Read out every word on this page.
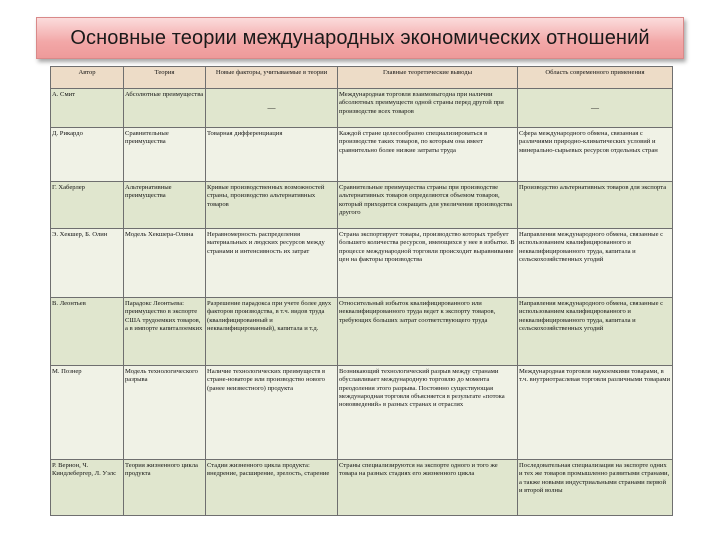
Основные теории международных экономических отношений
Автор	Теория	Новые факторы, учитываемые в теории	Главные теоретические выводы	Область современного применения
А. Смит	Абсолютные преимущества	—	Международная торговля взаимовыгодна при наличии абсолютных преимуществ одной страны перед другой при производстве всех товаров	—
Д. Рикардо	Сравнительные преимущества	Товарная дифференциация	Каждой стране целесообразно специализироваться в производстве таких товаров, по которым она имеет сравнительно более низкие затраты труда	Сфера международного обмена, связанная с различиями природно-климатических условий и минерально-сырьевых ресурсов отдельных стран
Г. Хаберлер	Альтернативные преимущества	Кривые производственных возможностей страны, производство альтернативных товаров	Сравнительные преимущества страны при производстве альтернативных товаров определяются объемом товаров, который приходится сокращать для увеличения производства другого	Производство альтернативных товаров для экспорта
Э. Хекшер, Б. Олин	Модель Хекшера-Олина	Неравномерность распределения материальных и людских ресурсов между странами и интенсивность их затрат	Страна экспортирует товары, производство которых требует большего количества ресурсов, имеющихся у нее в избытке. В процессе международной торговли происходит выравнивание цен на факторы производства	Направления международного обмена, связанные с использованием квалифицированного и неквалифицированного труда, капитала и сельскохозяйственных угодий
В. Леонтьев	Парадокс Леонтьева: преимущество в экспорте США трудоемких товаров, а в импорте капиталоемких	Разрешение парадокса при учете более двух факторов производства, в т.ч. видов труда (квалифицированный и неквалифицированный), капитала и т.д.	Относительный избыток квалифицированного или неквалифицированного труда ведет к экспорту товаров, требующих больших затрат соответствующего труда	Направления международного обмена, связанные с использованием квалифицированного и неквалифицированного труда, капитала и сельскохозяйственных угодий
М. Познер	Модель технологического разрыва	Наличие технологических преимуществ в стране-новаторе или производство нового (ранее неизвестного) продукта	Возникающий технологический разрыв между странами обуславливает международную торговлю до момента преодоления этого разрыва. Постоянно существующая международная торговля объясняется в результате «потока нововведений» в разных странах и отраслях	Международная торговля наукоемкими товарами, в т.ч. внутриотраслевая торговля различными товарами
Р. Вернон, Ч. Киндлебергер, Л. Уэлс	Теория жизненного цикла продукта	Стадии жизненного цикла продукта: внедрение, расширение, зрелость, старение	Страны специализируются на экспорте одного и того же товара на разных стадиях его жизненного цикла	Последовательная специализация на экспорте одних и тех же товаров промышленно развитыми странами, а также новыми индустриальными странами первой и второй волны
